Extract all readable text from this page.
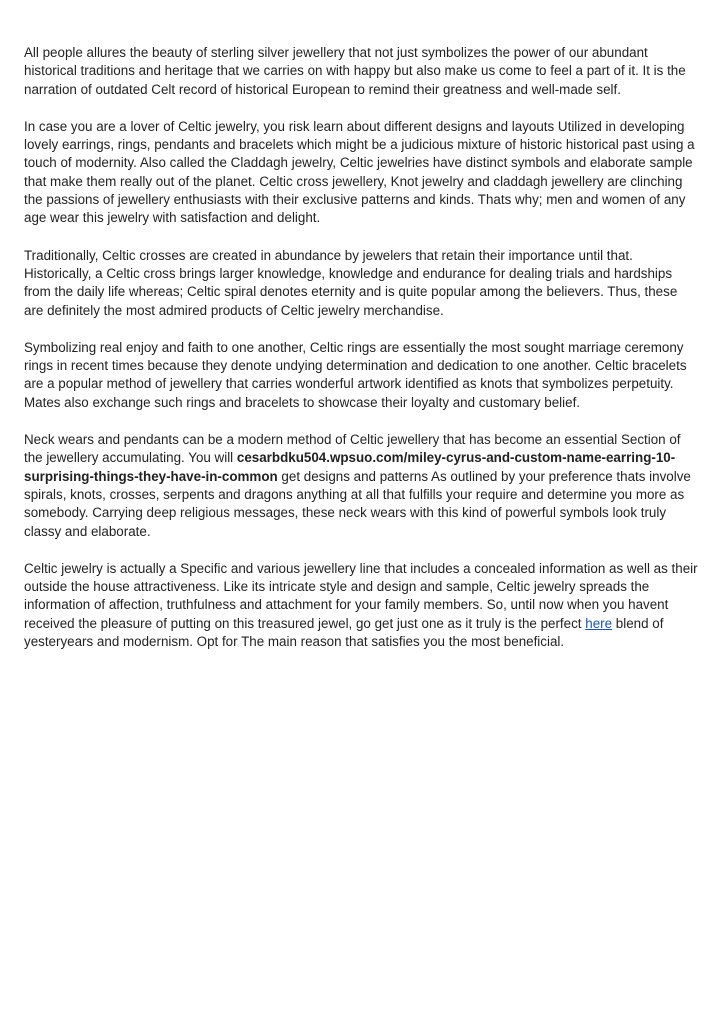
All people allures the beauty of sterling silver jewellery that not just symbolizes the power of our abundant historical traditions and heritage that we carries on with happy but also make us come to feel a part of it. It is the narration of outdated Celt record of historical European to remind their greatness and well-made self.

In case you are a lover of Celtic jewelry, you risk learn about different designs and layouts Utilized in developing lovely earrings, rings, pendants and bracelets which might be a judicious mixture of historic historical past using a touch of modernity. Also called the Claddagh jewelry, Celtic jewelries have distinct symbols and elaborate sample that make them really out of the planet. Celtic cross jewellery, Knot jewelry and claddagh jewellery are clinching the passions of jewellery enthusiasts with their exclusive patterns and kinds. Thats why; men and women of any age wear this jewelry with satisfaction and delight.

Traditionally, Celtic crosses are created in abundance by jewelers that retain their importance until that. Historically, a Celtic cross brings larger knowledge, knowledge and endurance for dealing trials and hardships from the daily life whereas; Celtic spiral denotes eternity and is quite popular among the believers. Thus, these are definitely the most admired products of Celtic jewelry merchandise.

Symbolizing real enjoy and faith to one another, Celtic rings are essentially the most sought marriage ceremony rings in recent times because they denote undying determination and dedication to one another. Celtic bracelets are a popular method of jewellery that carries wonderful artwork identified as knots that symbolizes perpetuity. Mates also exchange such rings and bracelets to showcase their loyalty and customary belief.

Neck wears and pendants can be a modern method of Celtic jewellery that has become an essential Section of the jewellery accumulating. You will cesarbdku504.wpsuo.com/miley-cyrus-and-custom-name-earring-10-surprising-things-they-have-in-common get designs and patterns As outlined by your preference thats involve spirals, knots, crosses, serpents and dragons anything at all that fulfills your require and determine you more as somebody. Carrying deep religious messages, these neck wears with this kind of powerful symbols look truly classy and elaborate.

Celtic jewelry is actually a Specific and various jewellery line that includes a concealed information as well as their outside the house attractiveness. Like its intricate style and design and sample, Celtic jewelry spreads the information of affection, truthfulness and attachment for your family members. So, until now when you havent received the pleasure of putting on this treasured jewel, go get just one as it truly is the perfect here blend of yesteryears and modernism. Opt for The main reason that satisfies you the most beneficial.
